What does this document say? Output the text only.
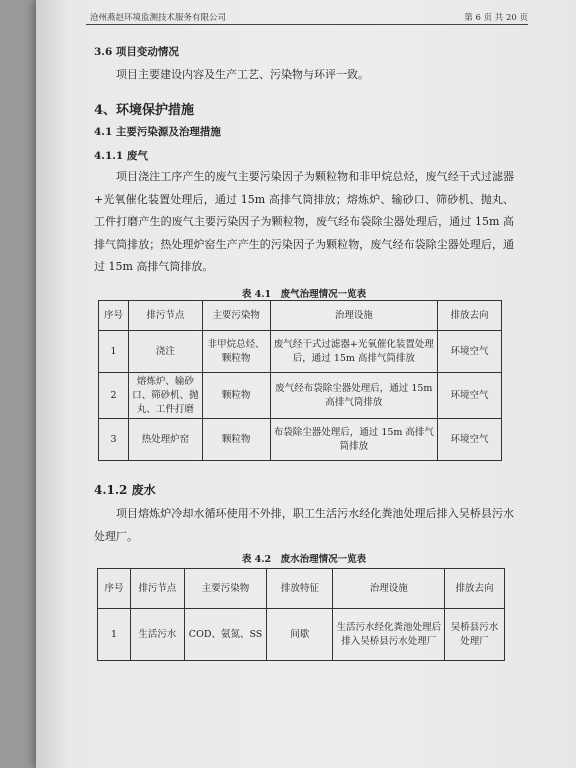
沧州燕赵环境监测技术服务有限公司	第 6 页 共 20 页
3.6 项目变动情况
项目主要建设内容及生产工艺、污染物与环评一致。
4、环境保护措施
4.1 主要污染源及治理措施
4.1.1 废气
项目浇注工序产生的废气主要污染因子为颗粒物和非甲烷总烃，废气经干式过滤器+光氧催化装置处理后，通过 15m 高排气筒排放；熔炼炉、输砂口、筛砂机、抛丸、工件打磨产生的废气主要污染因子为颗粒物，废气经布袋除尘器处理后，通过 15m 高排气筒排放；热处理炉窑生产产生的污染因子为颗粒物，废气经布袋除尘器处理后，通过 15m 高排气筒排放。
表 4.1　废气治理情况一览表
序号	排污节点	主要污染物	治理设施	排放去向
1	浇注	非甲烷总烃、颗粒物	废气经干式过滤器+光氧催化装置处理后，通过 15m 高排气筒排放	环境空气
2	熔炼炉、输砂口、筛砂机、抛丸、工件打磨	颗粒物	废气经布袋除尘器处理后，通过 15m 高排气筒排放	环境空气
3	热处理炉窑	颗粒物	布袋除尘器处理后，通过 15m 高排气筒排放	环境空气
4.1.2 废水
项目熔炼炉冷却水循环使用不外排，职工生活污水经化粪池处理后排入吴桥县污水处理厂。
表 4.2　废水治理情况一览表
序号	排污节点	主要污染物	排放特征	治理设施	排放去向
1	生活污水	COD、氨氮、SS	间歇	生活污水经化粪池处理后排入吴桥县污水处理厂	吴桥县污水处理厂
